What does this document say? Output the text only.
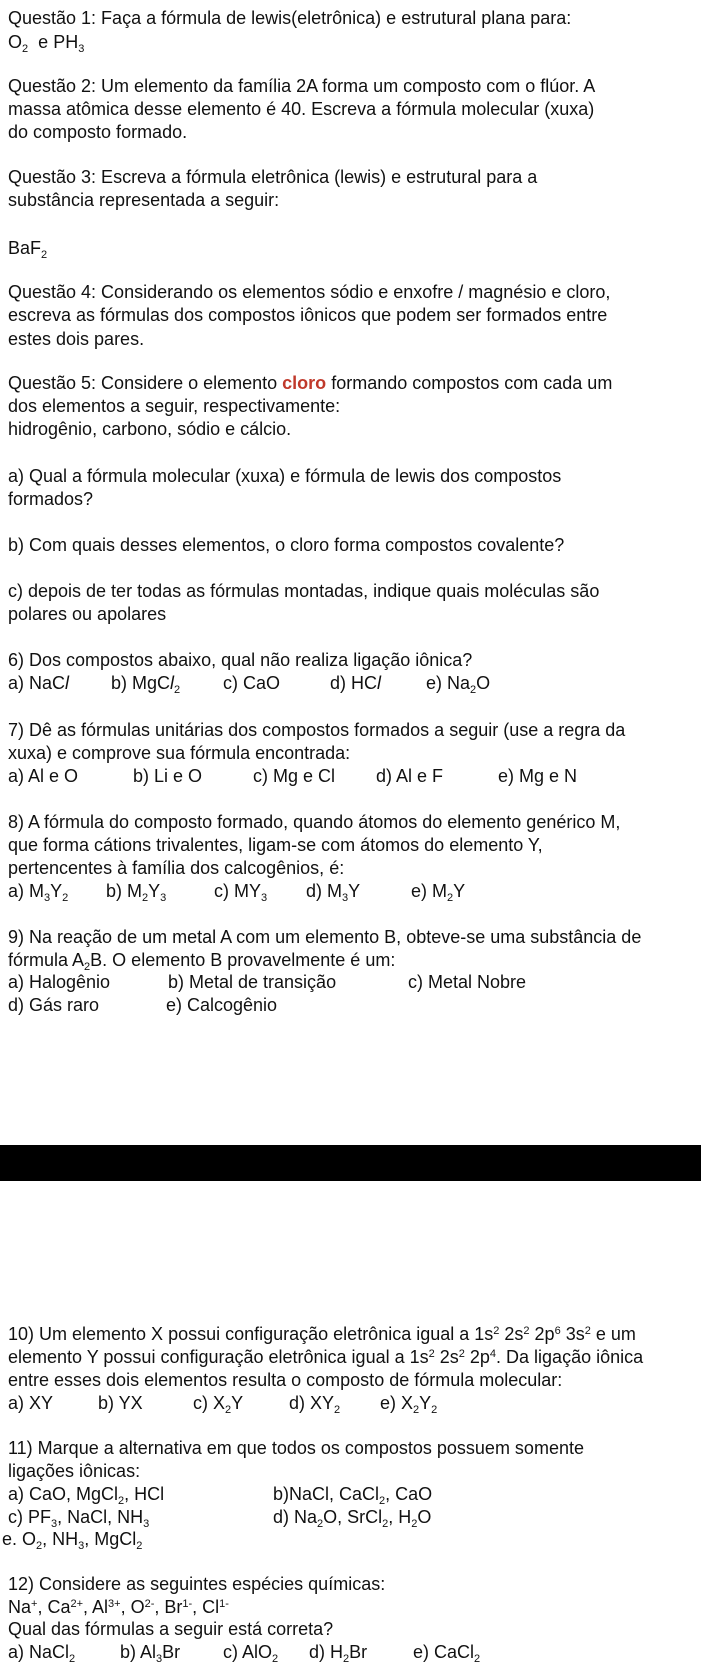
Questão 1: Faça a fórmula de lewis(eletrônica) e estrutural plana para:
$O_2$ e $PH_3$
Questão 2: Um elemento da família 2A forma um composto com o flúor. A
massa atômica desse elemento é 40. Escreva a fórmula molecular (xuxa)
do composto formado.
Questão 3: Escreva a fórmula eletrônica (lewis) e estrutural para a
substância representada a seguir:
BaF$_2$
Questão 4: Considerando os elementos sódio e enxofre / magnésio e cloro,
escreva as fórmulas dos compostos iônicos que podem ser formados entre
estes dois pares.
Questão 5: Considere o elemento cloro formando compostos com cada um
dos elementos a seguir, respectivamente:
hidrogênio, carbono, sódio e cálcio.
a) Qual a fórmula molecular (xuxa) e fórmula de lewis dos compostos
formados?
b) Com quais desses elementos, o cloro forma compostos covalente?
c) depois de ter todas as fórmulas montadas, indique quais moléculas são
polares ou apolares
6) Dos compostos abaixo, qual não realiza ligação iônica?
a) NaCl b) MgCl$_2$ c) CaO	d) HCl e) $Na_2O$
7) Dê as fórmulas unitárias dos compostos formados a seguir (use a regra da
xuxa) e comprove sua fórmula encontrada:
a) Al e O	b) Li e O	c) Mg e Cl d) Al e F	e) Mg e N
8) A fórmula do composto formado, quando átomos do elemento genérico M,
que forma cátions trivalentes, ligam-se com átomos do elemento Y,
pertencentes à família dos calcogênios, é:
a) $M_3Y_2$ b) $M_2Y_3$	c) $MY_3$ d) $M_3Y$	e) $M_2Y$
9) Na reação de um metal A com um elemento B, obteve-se uma substância de
fórmula $A_2B$. O elemento B provavelmente é um:
a) Halogênio	b) Metal de transição	c) Metal Nobre
d) Gás raro	e) Calcogênio
10) Um elemento X possui configuração eletrônica igual a $1s^2$ $2s^2$ $2p^6$ $3s^2$ e um
elemento Y possui configuração eletrônica igual a $1s^2$ $2s^2$ $2p^4$. Da ligação iônica
entre esses dois elementos resulta o composto de fórmula molecular:
a) XY b) YX	c) $X_2Y$	d) $XY_2$ e) $X_2Y_2$
11) Marque a alternativa em que todos os compostos possuem somente
ligações iônicas:
a) CaO, MgCl$_2$, HCl	b)NaCl, CaCl$_2$, CaO
c) $PF_3$, NaCl, $NH_3$	d) $Na_2O$, SrCl$_2$, $H_2O$
e. $O_2$, $NH_3$, MgCl$_2$
12) Considere as seguintes espécies químicas:
Na+, $Ca^{2+}$, $Al^{3+}$, $O^{2-}$, $Br^{1-}$, $Cl^{1-}$
Qual das fórmulas a seguir está correta?
a) NaCl$_2$ b) $Al_3Br$ c) AlO$_2$ d) $H_2Br$	e) CaCl$_2$
